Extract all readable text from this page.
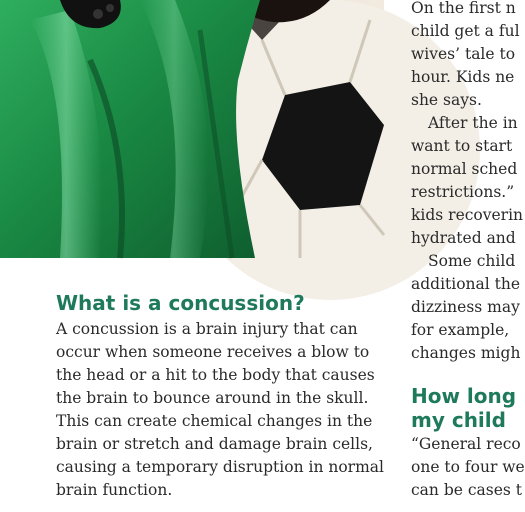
What is a concussion?

A concussion is a brain injury that can occur when someone receives a blow to the head or a hit to the body that causes the brain to bounce around in the skull. This can create chemical changes in the brain or stretch and damage brain cells, causing a temporary disruption in normal brain function.

On the first n
child get a ful
wives’ tale to
hour. Kids ne
she says.
After the in
want to start
normal sched
restrictions.”
kids recoverin
hydrated and
Some child
additional the
dizziness may
for example,
changes migh
How long
my child
“General reco
one to four we
can be cases t
